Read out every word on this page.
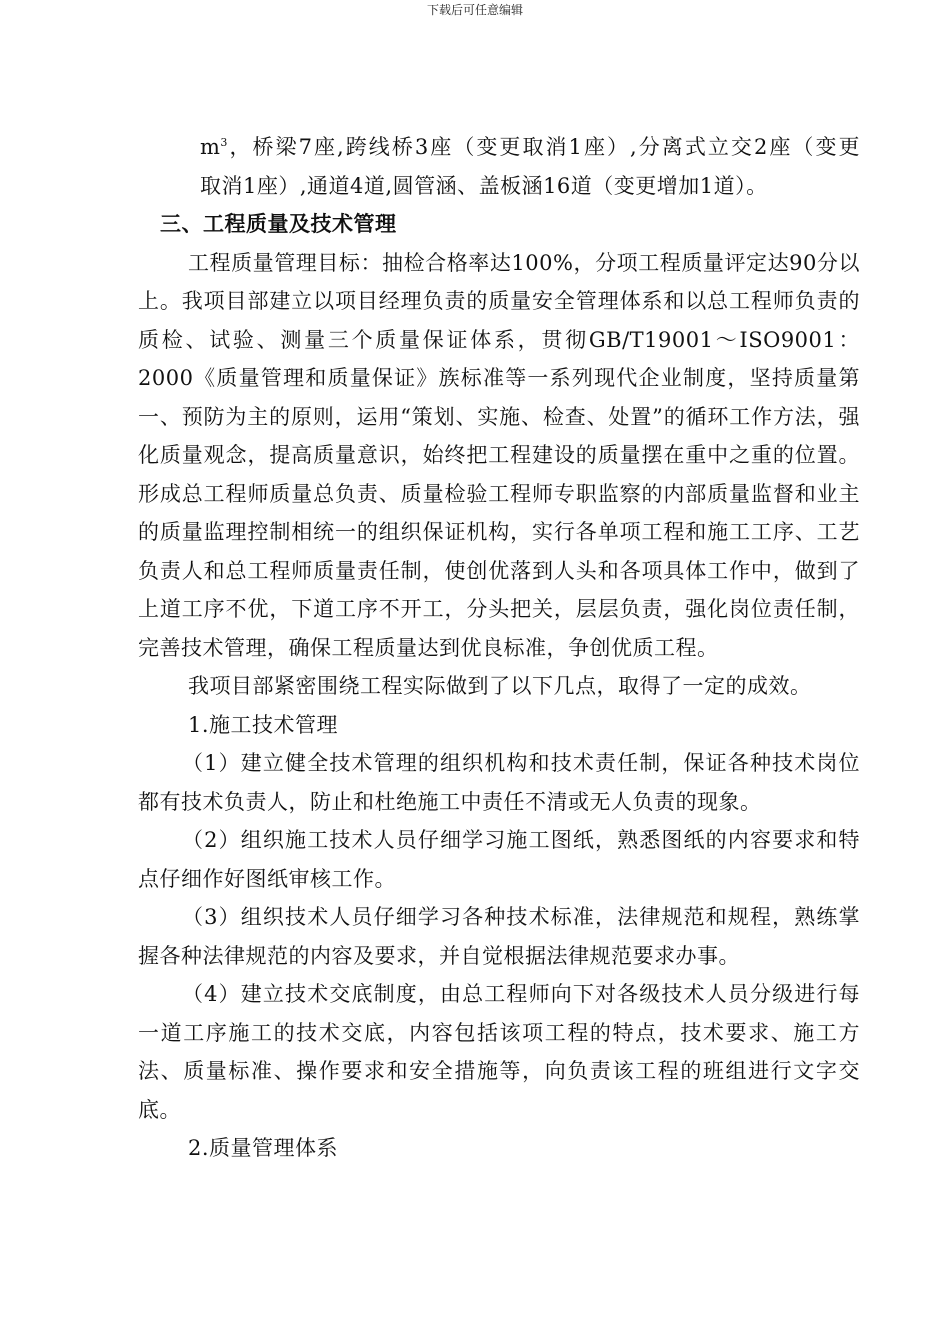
下载后可任意编辑

$m^3$，桥梁7座,跨线桥3座（变更取消1座）,分离式立交2座（变更

取消1座）,通道4道,圆管涵、盖板涵16道（变更增加1道）。

三、工程质量及技术管理

工程质量管理目标：抽检合格率达100%，分项工程质量评定达90分以上。我项目部建立以项目经理负责的质量安全管理体系和以总工程师负责的质检、试验、测量三个质量保证体系，贯彻GB/T19001～ISO9001：2000《质量管理和质量保证》族标准等一系列现代企业制度，坚持质量第一、预防为主的原则，运用“策划、实施、检查、处置”的循环工作方法，强化质量观念，提高质量意识，始终把工程建设的质量摆在重中之重的位置。形成总工程师质量总负责、质量检验工程师专职监察的内部质量监督和业主的质量监理控制相统一的组织保证机构，实行各单项工程和施工工序、工艺负责人和总工程师质量责任制，使创优落到人头和各项具体工作中，做到了上道工序不优，下道工序不开工，分头把关，层层负责，强化岗位责任制，完善技术管理，确保工程质量达到优良标准，争创优质工程。

我项目部紧密围绕工程实际做到了以下几点，取得了一定的成效。

1.施工技术管理

（1）建立健全技术管理的组织机构和技术责任制，保证各种技术岗位都有技术负责人，防止和杜绝施工中责任不清或无人负责的现象。

（2）组织施工技术人员仔细学习施工图纸，熟悉图纸的内容要求和特点仔细作好图纸审核工作。

（3）组织技术人员仔细学习各种技术标准，法律规范和规程，熟练掌握各种法律规范的内容及要求，并自觉根据法律规范要求办事。

（4）建立技术交底制度，由总工程师向下对各级技术人员分级进行每一道工序施工的技术交底，内容包括该项工程的特点，技术要求、施工方法、质量标准、操作要求和安全措施等，向负责该工程的班组进行文字交底。

2.质量管理体系
